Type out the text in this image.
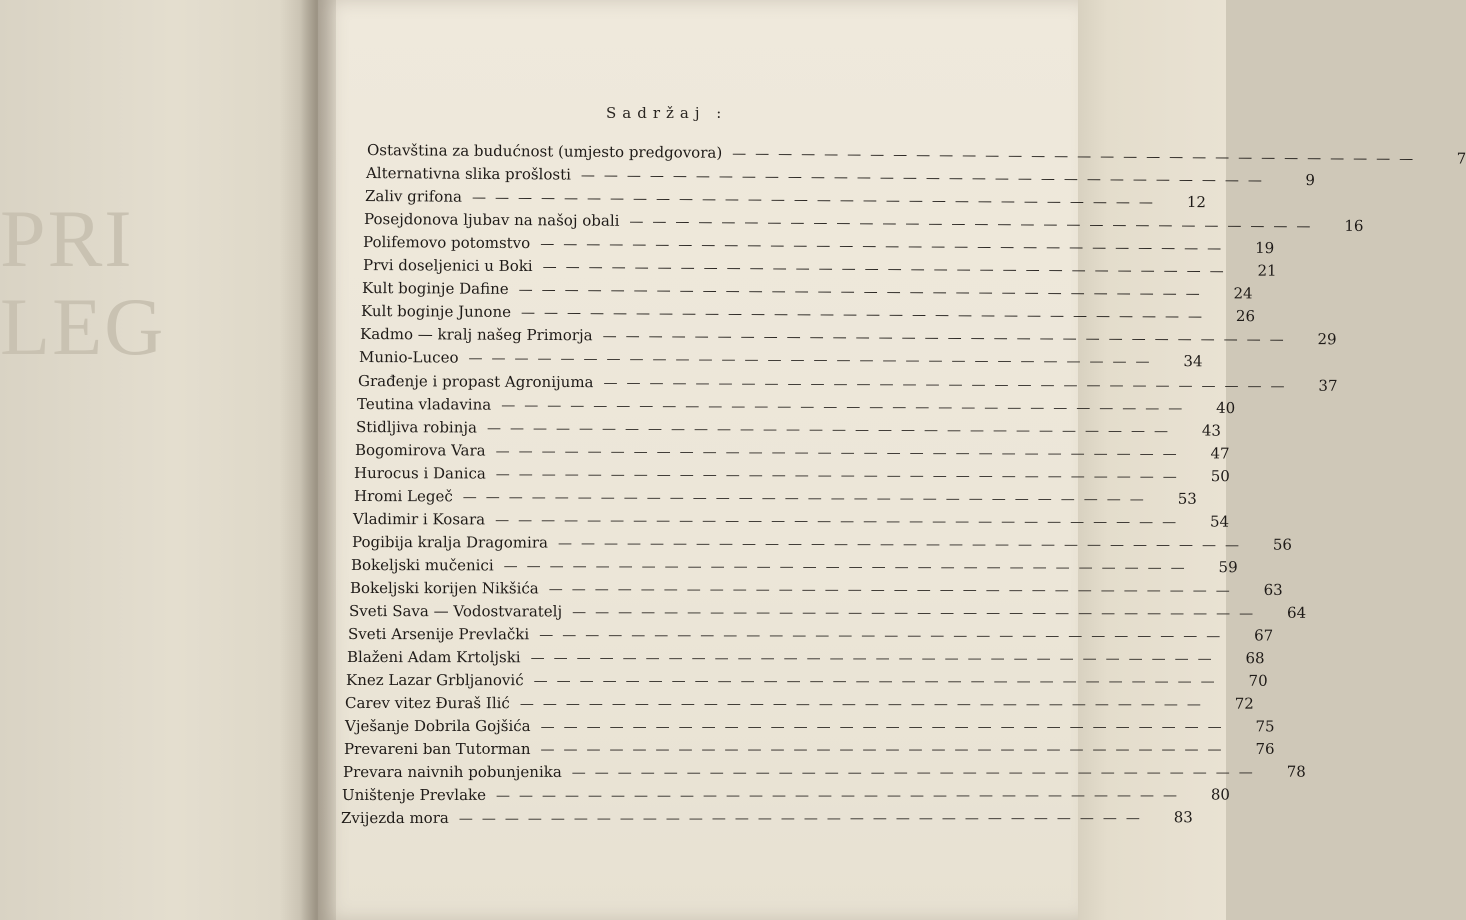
PRI
LEG
Sadržaj :
Ostavština za budućnost (umjesto predgovora) ——————————————————————————————	7
Alternativna slika prošlosti ——————————————————————————————	9
Zaliv grifona ——————————————————————————————	12
Posejdonova ljubav na našoj obali ——————————————————————————————	16
Polifemovo potomstvo ——————————————————————————————	19
Prvi doseljenici u Boki ——————————————————————————————	21
Kult boginje Dafine ——————————————————————————————	24
Kult boginje Junone ——————————————————————————————	26
Kadmo — kralj našeg Primorja ——————————————————————————————	29
Munio-Luceo ——————————————————————————————	34
Građenje i propast Agronijuma ——————————————————————————————	37
Teutina vladavina ——————————————————————————————	40
Stidljiva robinja ——————————————————————————————	43
Bogomirova Vara ——————————————————————————————	47
Hurocus i Danica ——————————————————————————————	50
Hromi Legeč ——————————————————————————————	53
Vladimir i Kosara ——————————————————————————————	54
Pogibija kralja Dragomira ——————————————————————————————	56
Bokeljski mučenici ——————————————————————————————	59
Bokeljski korijen Nikšića ——————————————————————————————	63
Sveti Sava — Vodostvaratelj ——————————————————————————————	64
Sveti Arsenije Prevlački ——————————————————————————————	67
Blaženi Adam Krtoljski ——————————————————————————————	68
Knez Lazar Grbljanović ——————————————————————————————	70
Carev vitez Đuraš Ilić ——————————————————————————————	72
Vješanje Dobrila Gojšića ——————————————————————————————	75
Prevareni ban Tutorman ——————————————————————————————	76
Prevara naivnih pobunjenika ——————————————————————————————	78
Uništenje Prevlake ——————————————————————————————	80
Zvijezda mora ——————————————————————————————	83
